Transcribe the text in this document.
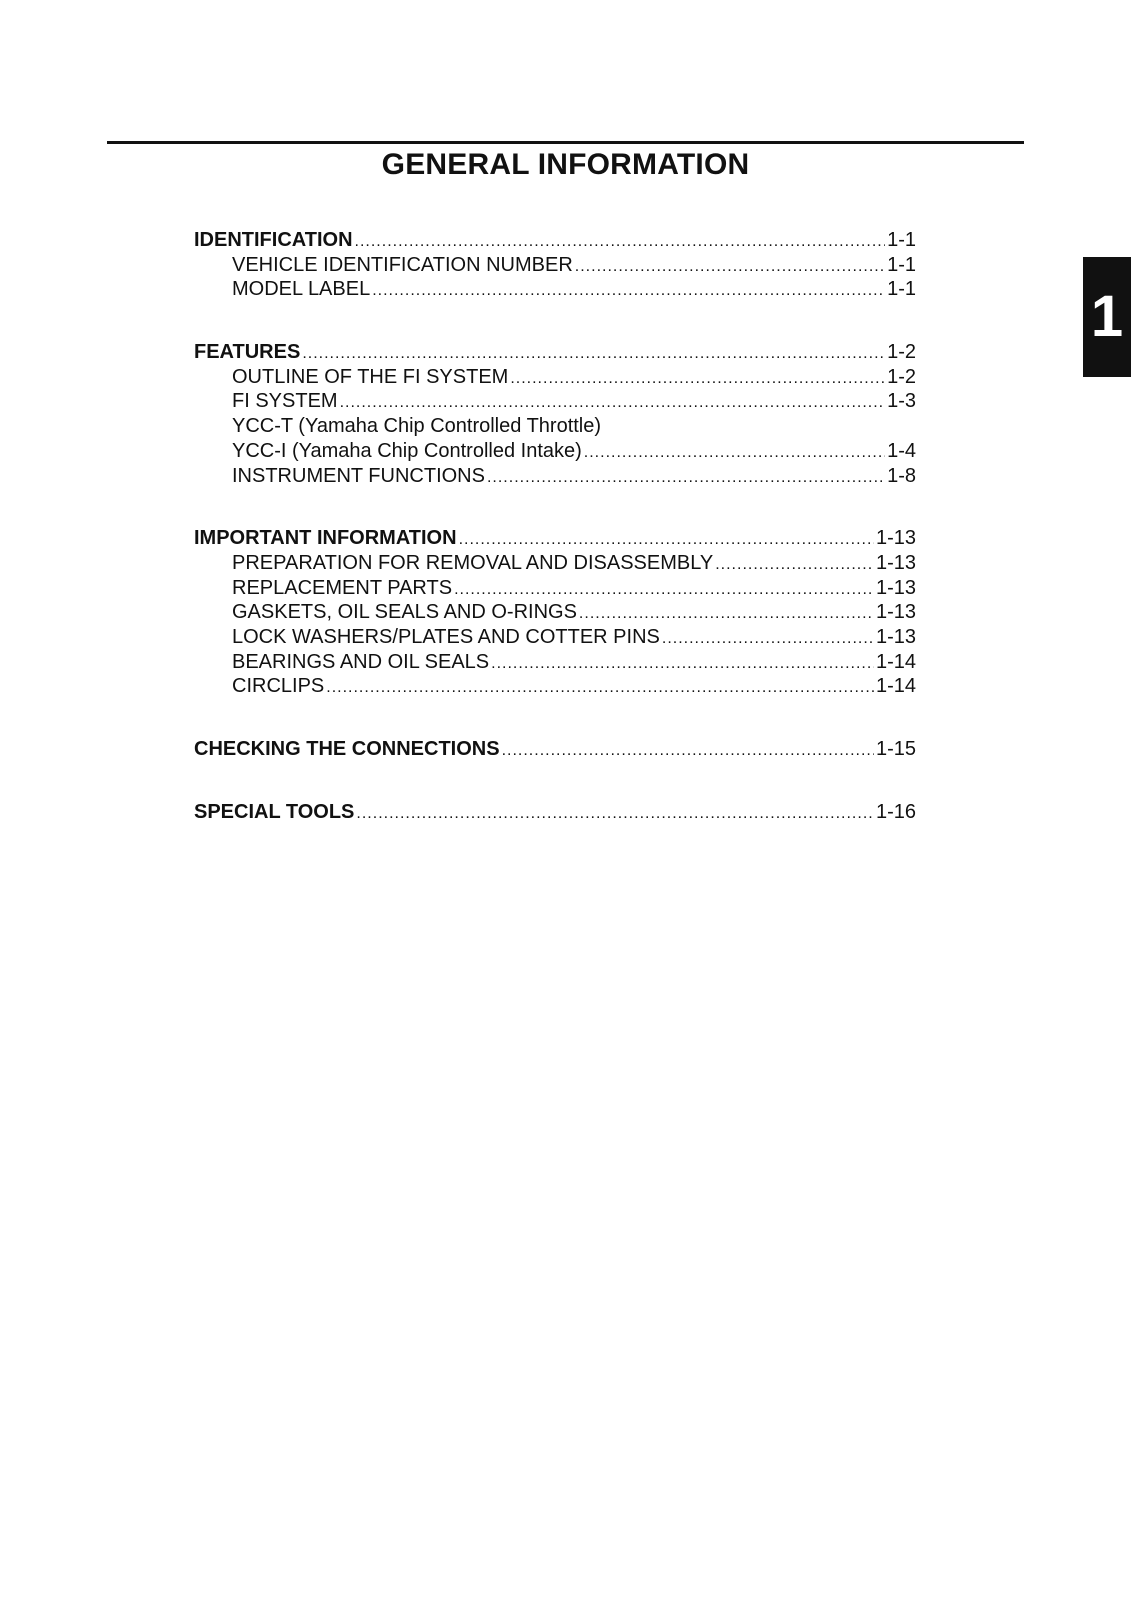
GENERAL INFORMATION
1
IDENTIFICATION .....	1-1
VEHICLE IDENTIFICATION NUMBER .....	1-1
MODEL LABEL .....	1-1
FEATURES .....	1-2
OUTLINE OF THE FI SYSTEM .....	1-2
FI SYSTEM .....	1-3
YCC-T (Yamaha Chip Controlled Throttle)
YCC-I (Yamaha Chip Controlled Intake) .....	1-4
INSTRUMENT FUNCTIONS .....	1-8
IMPORTANT INFORMATION .....	1-13
PREPARATION FOR REMOVAL AND DISASSEMBLY .....	1-13
REPLACEMENT PARTS .....	1-13
GASKETS, OIL SEALS AND O-RINGS .....	1-13
LOCK WASHERS/PLATES AND COTTER PINS .....	1-13
BEARINGS AND OIL SEALS .....	1-14
CIRCLIPS .....	1-14
CHECKING THE CONNECTIONS .....	1-15
SPECIAL TOOLS .....	1-16
